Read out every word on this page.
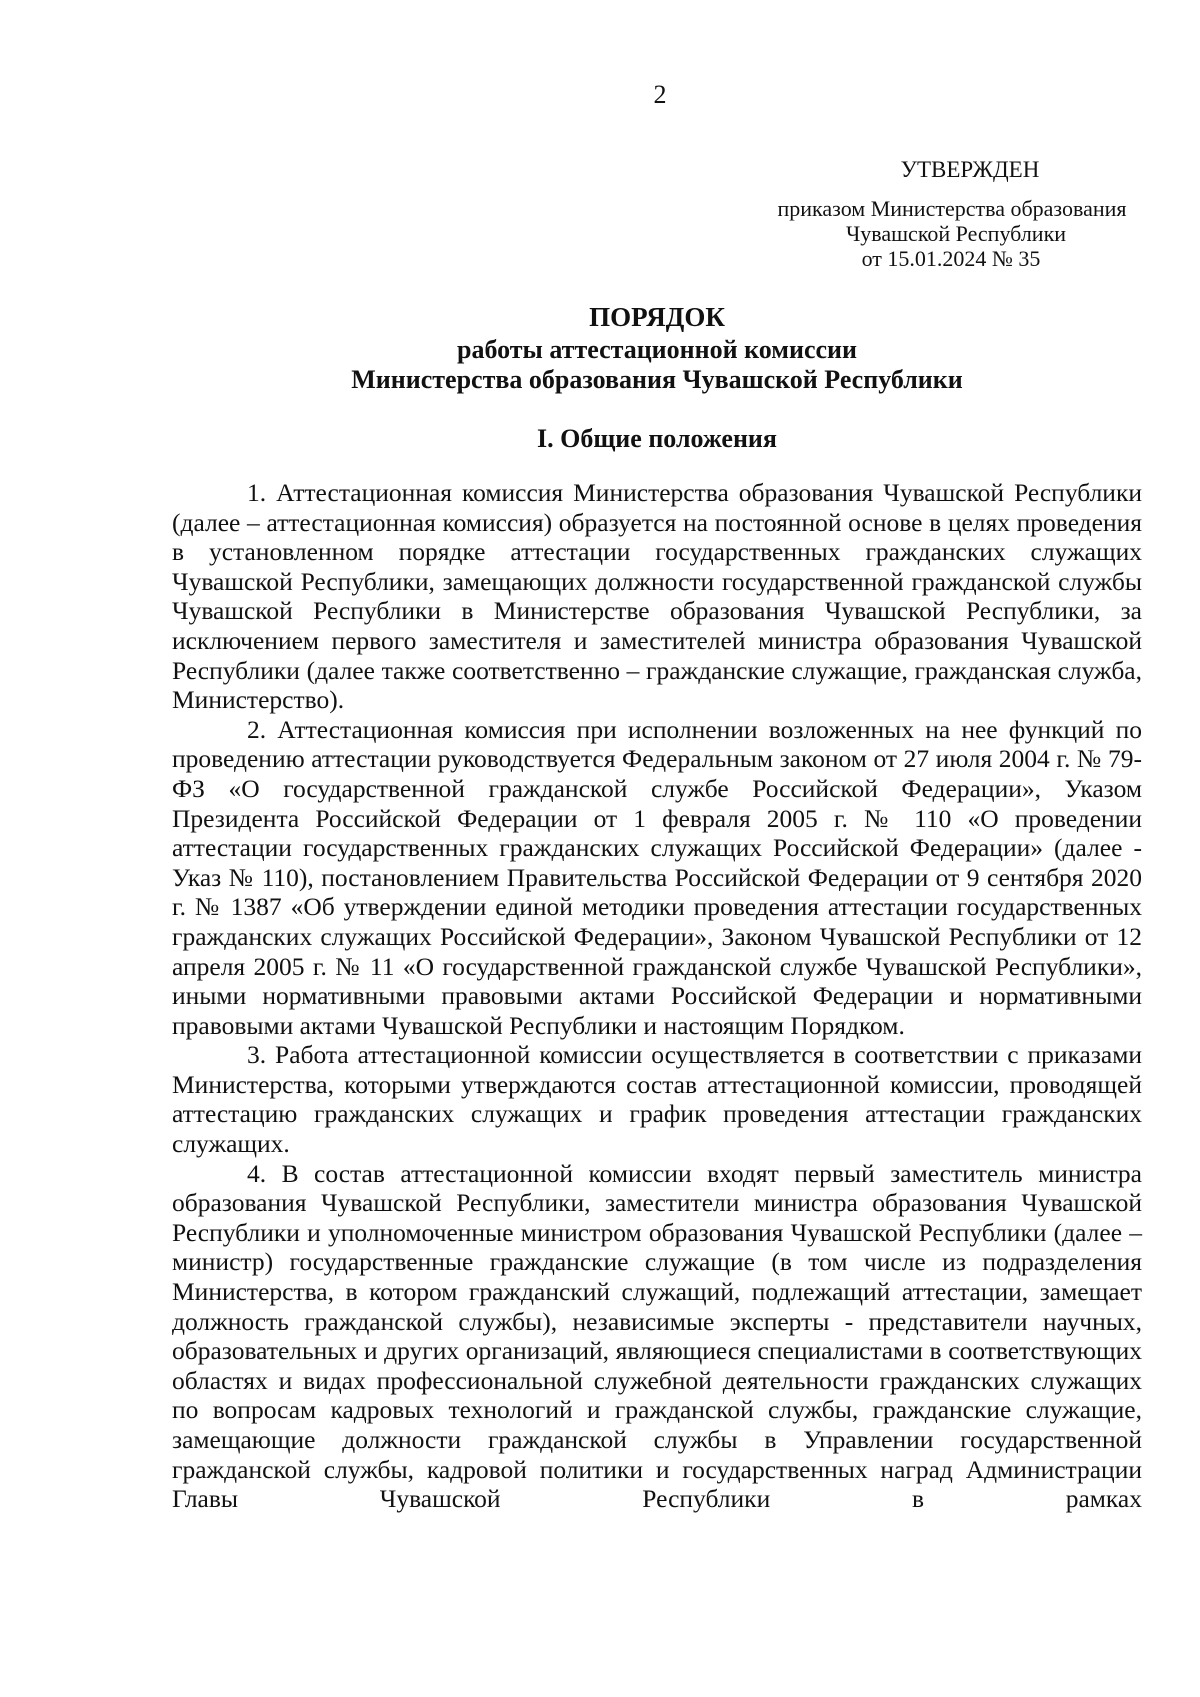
2
УТВЕРЖДЕН
приказом Министерства образования
Чувашской Республики
от 15.01.2024 № 35
ПОРЯДОК
работы аттестационной комиссии
Министерства образования Чувашской Республики
I. Общие положения

1. Аттестационная комиссия Министерства образования Чувашской Республики (далее – аттестационная комиссия) образуется на постоянной основе в целях проведения в установленном порядке аттестации государственных гражданских служащих Чувашской Республики, замещающих должности государственной гражданской службы Чувашской Республики в Министерстве образования Чувашской Республики, за исключением первого заместителя и заместителей министра образования Чувашской Республики (далее также соответственно – гражданские служащие, гражданская служба, Министерство).

2. Аттестационная комиссия при исполнении возложенных на нее функций по проведению аттестации руководствуется Федеральным законом от 27 июля 2004 г. № 79-ФЗ «О государственной гражданской службе Российской Федерации», Указом Президента Российской Федерации от 1 февраля 2005 г. № 110 «О проведении аттестации государственных гражданских служащих Российской Федерации» (далее - Указ № 110), постановлением Правительства Российской Федерации от 9 сентября 2020 г. № 1387 «Об утверждении единой методики проведения аттестации государственных гражданских служащих Российской Федерации», Законом Чувашской Республики от 12 апреля 2005 г. № 11 «О государственной гражданской службе Чувашской Республики», иными нормативными правовыми актами Российской Федерации и нормативными правовыми актами Чувашской Республики и настоящим Порядком.

3. Работа аттестационной комиссии осуществляется в соответствии с приказами Министерства, которыми утверждаются состав аттестационной комиссии, проводящей аттестацию гражданских служащих и график проведения аттестации гражданских служащих.

4. В состав аттестационной комиссии входят первый заместитель министра образования Чувашской Республики, заместители министра образования Чувашской Республики и уполномоченные министром образования Чувашской Республики (далее – министр) государственные гражданские служащие (в том числе из подразделения Министерства, в котором гражданский служащий, подлежащий аттестации, замещает должность гражданской службы), независимые эксперты - представители научных, образовательных и других организаций, являющиеся специалистами в соответствующих областях и видах профессиональной служебной деятельности гражданских служащих по вопросам кадровых технологий и гражданской службы, гражданские служащие, замещающие должности гражданской службы в Управлении государственной гражданской службы, кадровой политики и государственных наград Администрации Главы Чувашской Республики в рамках
